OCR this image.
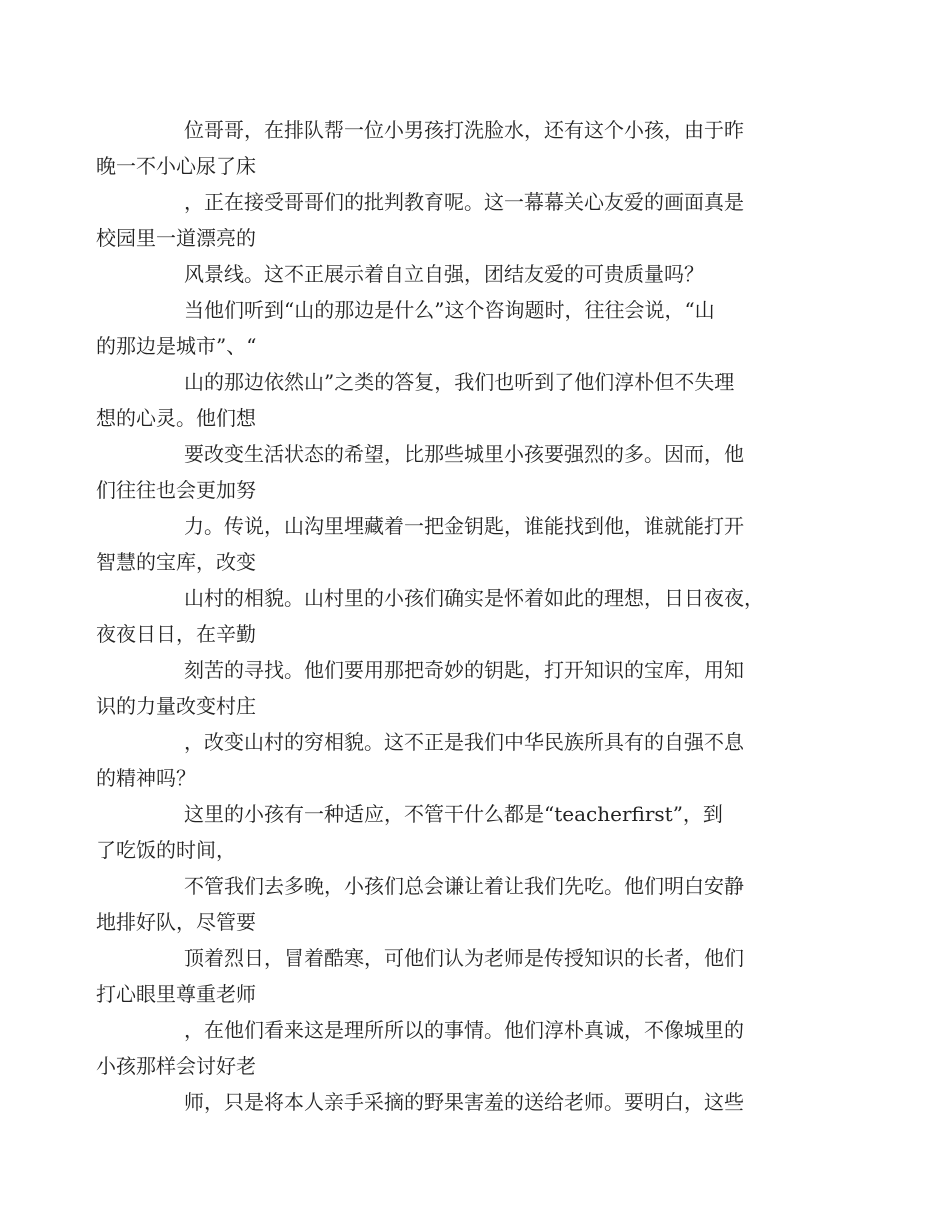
位哥哥，在排队帮一位小男孩打洗脸水，还有这个小孩，由于昨
晚一不小心尿了床

，正在接受哥哥们的批判教育呢。这一幕幕关心友爱的画面真是
校园里一道漂亮的

风景线。这不正展示着自立自强，团结友爱的可贵质量吗？

当他们听到“山的那边是什么”这个咨询题时，往往会说，“山
的那边是城市”、“

山的那边依然山”之类的答复，我们也听到了他们淳朴但不失理
想的心灵。他们想

要改变生活状态的希望，比那些城里小孩要强烈的多。因而，他
们往往也会更加努

力。传说，山沟里埋藏着一把金钥匙，谁能找到他，谁就能打开
智慧的宝库，改变

山村的相貌。山村里的小孩们确实是怀着如此的理想，日日夜夜，
夜夜日日，在辛勤

刻苦的寻找。他们要用那把奇妙的钥匙，打开知识的宝库，用知
识的力量改变村庄

，改变山村的穷相貌。这不正是我们中华民族所具有的自强不息
的精神吗？

这里的小孩有一种适应，不管干什么都是“teacherfirst”，到
了吃饭的时间，

不管我们去多晚，小孩们总会谦让着让我们先吃。他们明白安静
地排好队，尽管要

顶着烈日，冒着酷寒，可他们认为老师是传授知识的长者，他们
打心眼里尊重老师

，在他们看来这是理所所以的事情。他们淳朴真诚，不像城里的
小孩那样会讨好老

师，只是将本人亲手采摘的野果害羞的送给老师。要明白，这些
